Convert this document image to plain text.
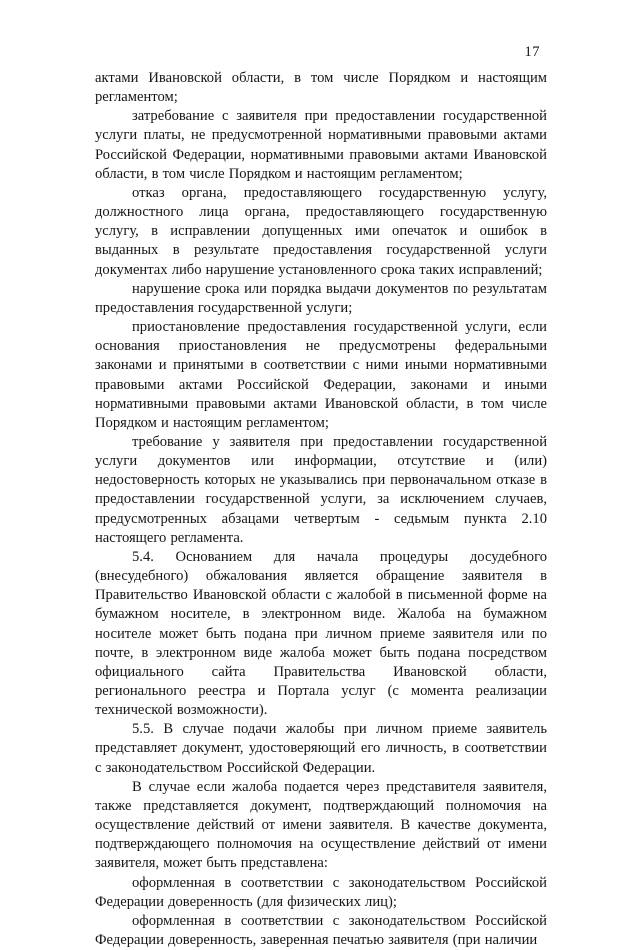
17

актами Ивановской области, в том числе Порядком и настоящим регламентом;

затребование с заявителя при предоставлении государственной услуги платы, не предусмотренной нормативными правовыми актами Российской Федерации, нормативными правовыми актами Ивановской области, в том числе Порядком и настоящим регламентом;

отказ органа, предоставляющего государственную услугу, должностного лица органа, предоставляющего государственную услугу, в исправлении допущенных ими опечаток и ошибок в выданных в результате предоставления государственной услуги документах либо нарушение установленного срока таких исправлений;

нарушение срока или порядка выдачи документов по результатам предоставления государственной услуги;

приостановление предоставления государственной услуги, если основания приостановления не предусмотрены федеральными законами и принятыми в соответствии с ними иными нормативными правовыми актами Российской Федерации, законами и иными нормативными правовыми актами Ивановской области, в том числе Порядком и настоящим регламентом;

требование у заявителя при предоставлении государственной услуги документов или информации, отсутствие и (или) недостоверность которых не указывались при первоначальном отказе в предоставлении государственной услуги, за исключением случаев, предусмотренных абзацами четвертым - седьмым пункта 2.10 настоящего регламента.

5.4. Основанием для начала процедуры досудебного (внесудебного) обжалования является обращение заявителя в Правительство Ивановской области с жалобой в письменной форме на бумажном носителе, в электронном виде. Жалоба на бумажном носителе может быть подана при личном приеме заявителя или по почте, в электронном виде жалоба может быть подана посредством официального сайта Правительства Ивановской области, регионального реестра и Портала услуг (с момента реализации технической возможности).

5.5. В случае подачи жалобы при личном приеме заявитель представляет документ, удостоверяющий его личность, в соответствии с законодательством Российской Федерации.

В случае если жалоба подается через представителя заявителя, также представляется документ, подтверждающий полномочия на осуществление действий от имени заявителя. В качестве документа, подтверждающего полномочия на осуществление действий от имени заявителя, может быть представлена:

оформленная в соответствии с законодательством Российской Федерации доверенность (для физических лиц);

оформленная в соответствии с законодательством Российской Федерации доверенность, заверенная печатью заявителя (при наличии
